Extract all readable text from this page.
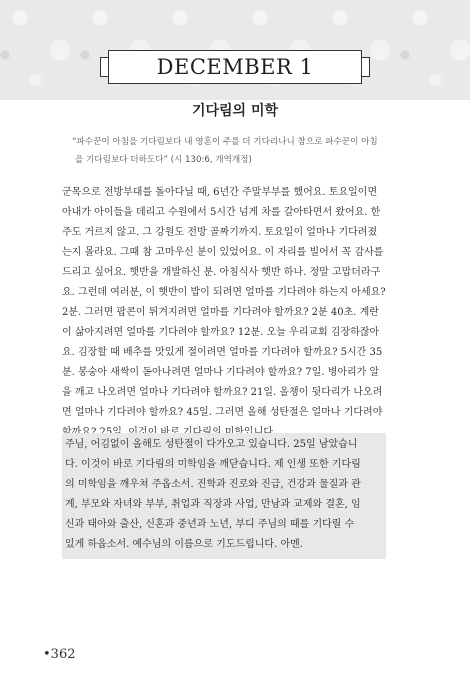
DECEMBER 1
기다림의 미학
“파수꾼이 아침을 기다림보다 내 영혼이 주를 더 기다리나니 참으로 파수꾼이 아침
을 기다림보다 더하도다” (시 130:6, 개역개정)
군목으로 전방부대를 돌아다닐 때, 6년간 주말부부를 했어요. 토요일이면
아내가 아이들을 데리고 수원에서 5시간 넘게 차를 갈아타면서 왔어요. 한
주도 거르지 않고. 그 강원도 전방 골짜기까지. 토요일이 얼마나 기다려졌
는지 몰라요. 그때 참 고마우신 분이 있었어요. 이 자리를 빌어서 꼭 감사를
드리고 싶어요. 햇반을 개발하신 분. 아침식사 햇반 하나. 정말 고맙더라구
요. 그런데 여러분, 이 햇반이 밥이 되려면 얼마를 기다려야 하는지 아세요?
2분. 그러면 팝콘이 튀겨지려면 얼마를 기다려야 할까요? 2분 40초. 계란
이 삶아지려면 얼마를 기다려야 할까요? 12분. 오늘 우리교회 김장하잖아
요. 김장할 때 배추를 맛있게 절이려면 얼마를 기다려야 할까요? 5시간 35
분. 봉숭아 새싹이 돋아나려면 얼마나 기다려야 할까요? 7일. 병아리가 알
을 깨고 나오려면 얼마나 기다려야 할까요? 21일. 올챙이 뒷다리가 나오려
면 얼마나 기다려야 할까요? 45일. 그러면 올해 성탄절은 얼마나 기다려야
주님, 어김없이 올해도 성탄절이 다가오고 있습니다. 25일 남았습니
다. 이것이 바로 기다림의 미학임을 깨닫습니다. 제 인생 또한 기다림
의 미학임을 깨우쳐 주옵소서. 진학과 진로와 진급, 건강과 물질과 관
계, 부모와 자녀와 부부, 취업과 직장과 사업, 만남과 교제와 결혼, 임
신과 태아와 출산, 신혼과 중년과 노년, 부디 주님의 때를 기다릴 수
있게 하옵소서. 예수님의 이름으로 기도드립니다. 아멘.
•362
